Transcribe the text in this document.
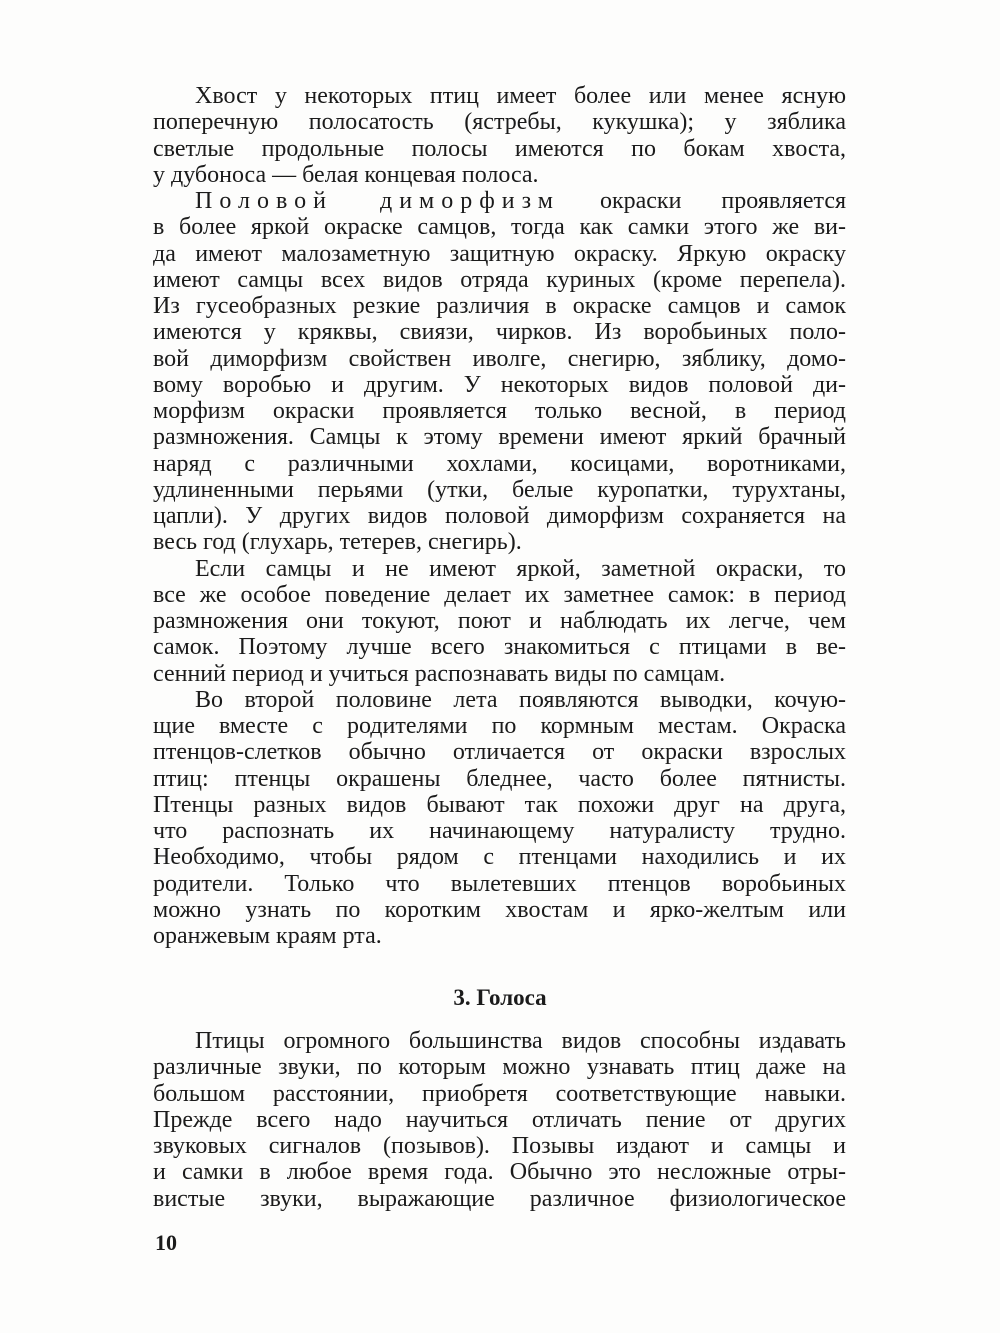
Хвост у некоторых птиц имеет более или менее ясную
поперечную полосатость (ястребы, кукушка); у зяблика
светлые продольные полосы имеются по бокам хвоста,
у дубоноса — белая концевая полоса.
Половой диморфизм окраски проявляется
в более яркой окраске самцов, тогда как самки этого же ви-
да имеют малозаметную защитную окраску. Яркую окраску
имеют самцы всех видов отряда куриных (кроме перепела).
Из гусеобразных резкие различия в окраске самцов и самок
имеются у кряквы, свиязи, чирков. Из воробьиных поло-
вой диморфизм свойствен иволге, снегирю, зяблику, домо-
вому воробью и другим. У некоторых видов половой ди-
морфизм окраски проявляется только весной, в период
размножения. Самцы к этому времени имеют яркий брачный
наряд с различными хохлами, косицами, воротниками,
удлиненными перьями (утки, белые куропатки, турухтаны,
цапли). У других видов половой диморфизм сохраняется на
весь год (глухарь, тетерев, снегирь).
Если самцы и не имеют яркой, заметной окраски, то
все же особое поведение делает их заметнее самок: в период
размножения они токуют, поют и наблюдать их легче, чем
самок. Поэтому лучше всего знакомиться с птицами в ве-
сенний период и учиться распознавать виды по самцам.
Во второй половине лета появляются выводки, кочую-
щие вместе с родителями по кормным местам. Окраска
птенцов-слетков обычно отличается от окраски взрослых
птиц: птенцы окрашены бледнее, часто более пятнисты.
Птенцы разных видов бывают так похожи друг на друга,
что распознать их начинающему натуралисту трудно.
Необходимо, чтобы рядом с птенцами находились и их
родители. Только что вылетевших птенцов воробьиных
можно узнать по коротким хвостам и ярко-желтым или
оранжевым краям рта.
3. Голоса
Птицы огромного большинства видов способны издавать
различные звуки, по которым можно узнавать птиц даже на
большом расстоянии, приобретя соответствующие навыки.
Прежде всего надо научиться отличать пение от других
звуковых сигналов (позывов). Позывы издают и самцы и
и самки в любое время года. Обычно это несложные отры-
вистые звуки, выражающие различное физиологическое
10
